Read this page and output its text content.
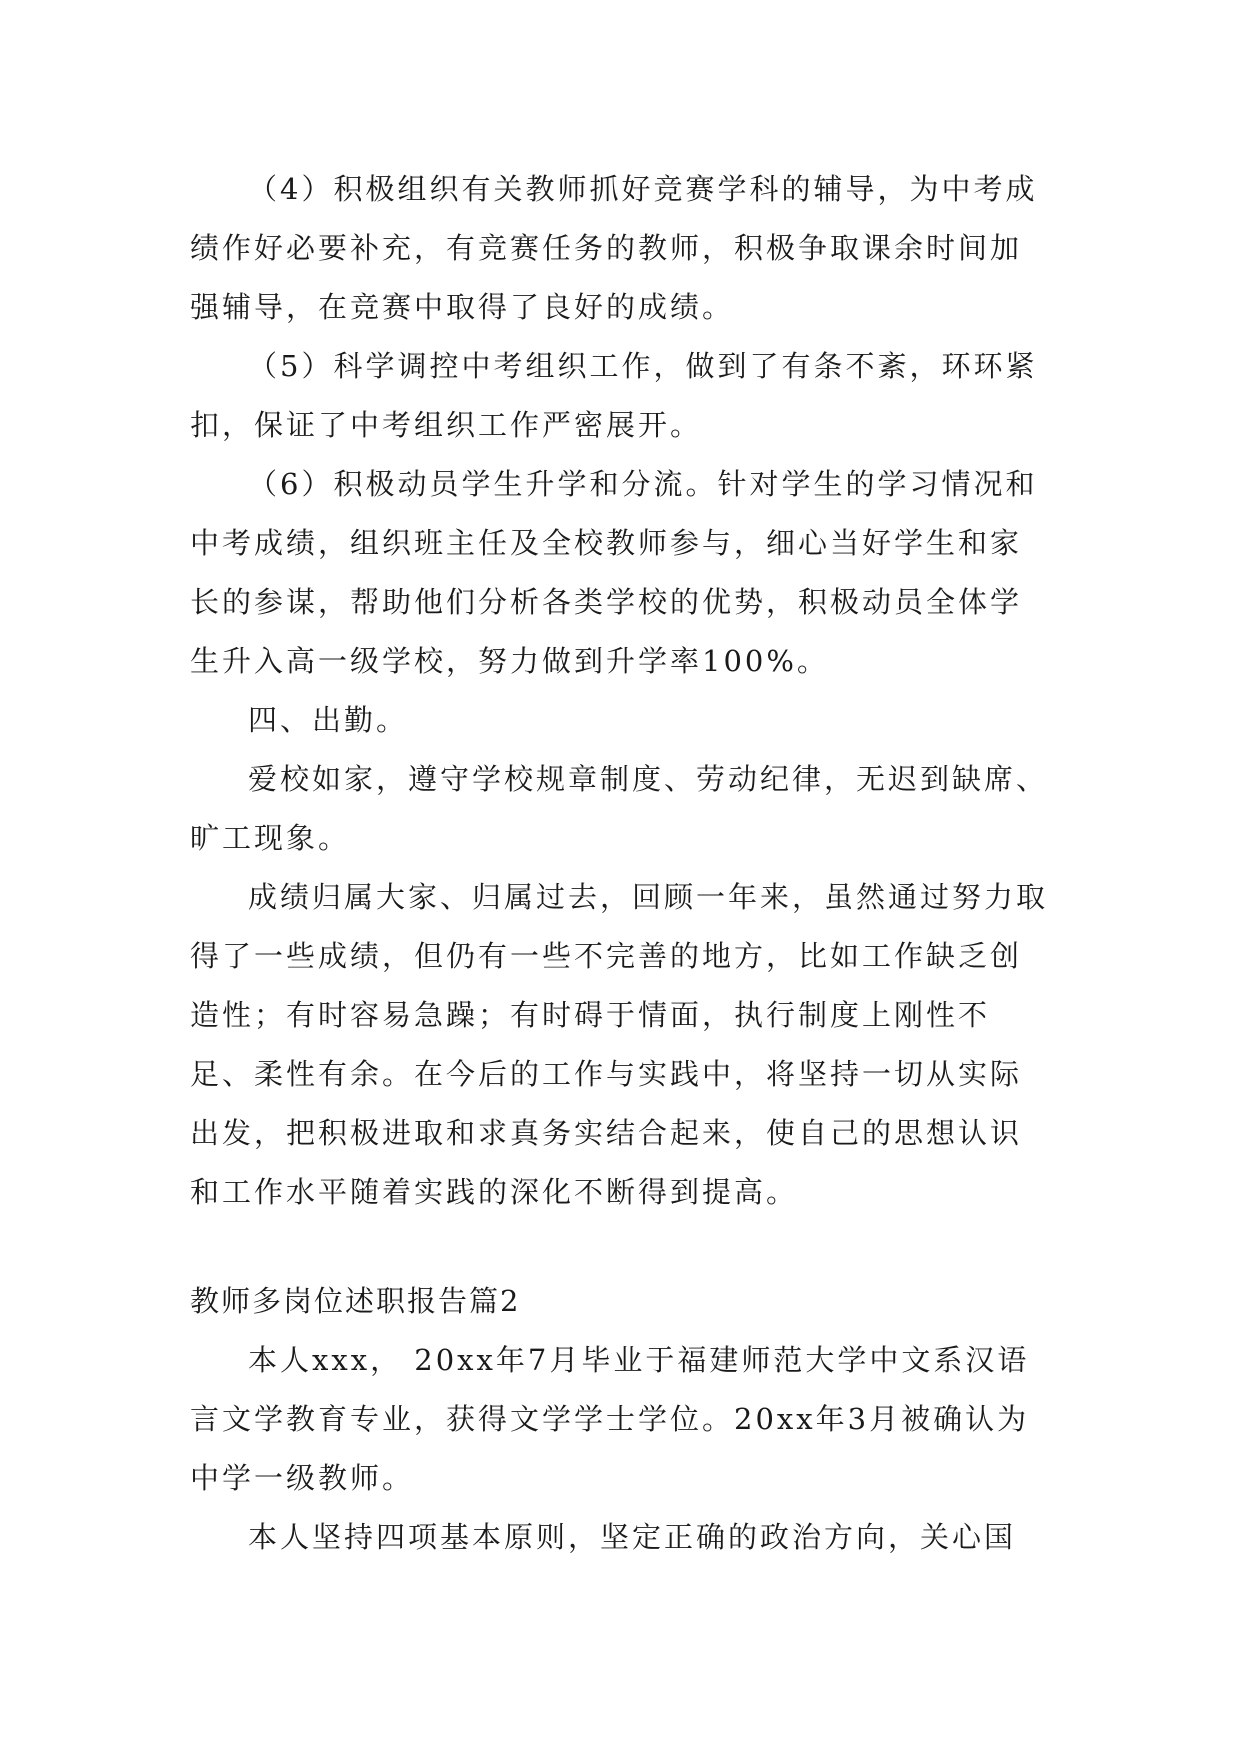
（4）积极组织有关教师抓好竞赛学科的辅导，为中考成绩作好必要补充，有竞赛任务的教师，积极争取课余时间加强辅导，在竞赛中取得了良好的成绩。

（5）科学调控中考组织工作，做到了有条不紊，环环紧扣，保证了中考组织工作严密展开。

（6）积极动员学生升学和分流。针对学生的学习情况和中考成绩，组织班主任及全校教师参与，细心当好学生和家长的参谋，帮助他们分析各类学校的优势，积极动员全体学生升入高一级学校，努力做到升学率100%。

四、出勤。

爱校如家，遵守学校规章制度、劳动纪律，无迟到缺席、旷工现象。

成绩归属大家、归属过去，回顾一年来，虽然通过努力取得了一些成绩，但仍有一些不完善的地方，比如工作缺乏创造性；有时容易急躁；有时碍于情面，执行制度上刚性不足、柔性有余。在今后的工作与实践中，将坚持一切从实际出发，把积极进取和求真务实结合起来，使自己的思想认识和工作水平随着实践的深化不断得到提高。

教师多岗位述职报告篇2

本人xxx， 20xx年7月毕业于福建师范大学中文系汉语言文学教育专业，获得文学学士学位。20xx年3月被确认为中学一级教师。

本人坚持四项基本原则，坚定正确的政治方向，关心国
